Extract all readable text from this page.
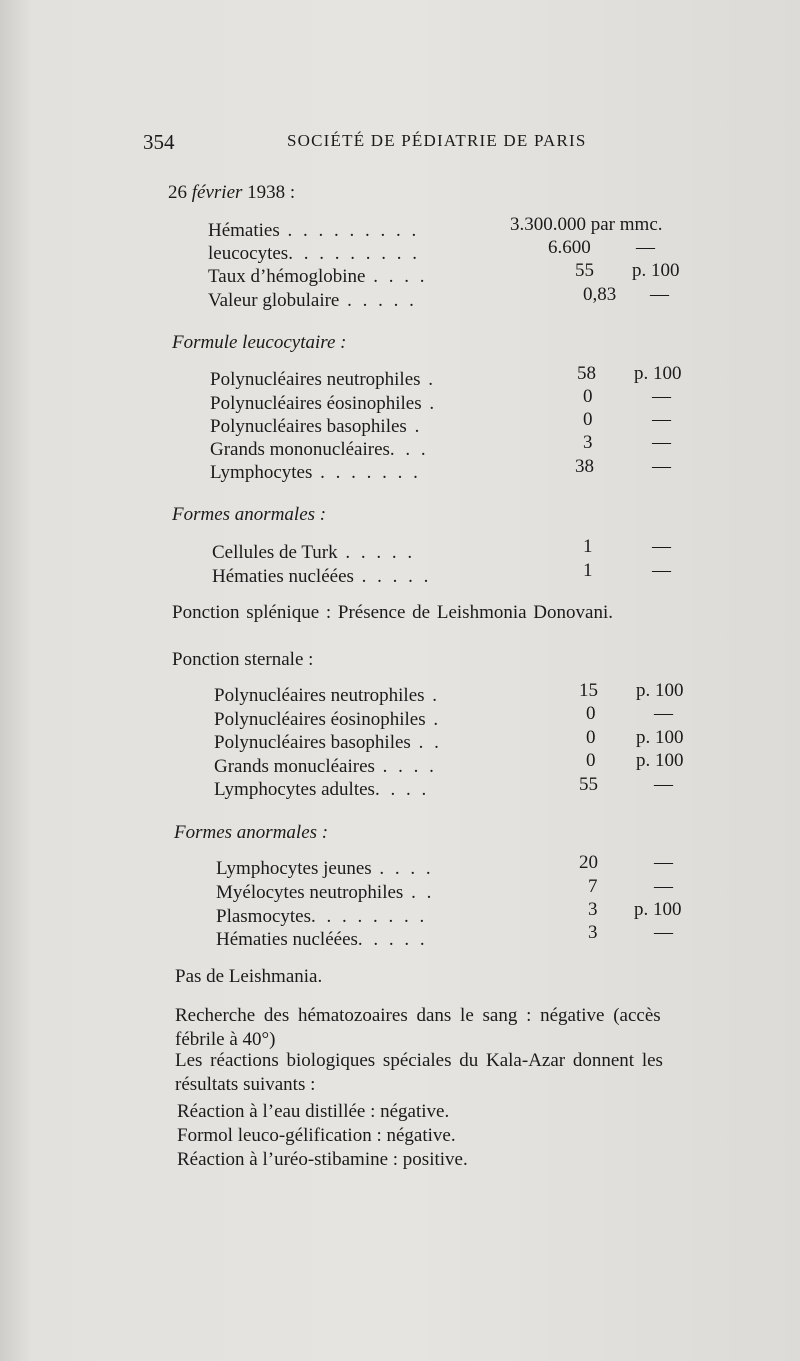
354	SOCIÉTÉ DE PÉDIATRIE DE PARIS
26 février 1938 :
Hématies . . . . . . . . .	3.300.000 par mmc.
leucocytes. . . . . . . . .	6.600 —
Taux d’hémoglobine . . . .	55 p. 100
Valeur globulaire . . . . .	0,83 —
Formule leucocytaire :
Polynucléaires neutrophiles .	58 p. 100
Polynucléaires éosinophiles .	0	—
Polynucléaires basophiles .	0	—
Grands mononucléaires. . .	3	—
Lymphocytes . . . . . . .	38	—
Formes anormales :
Cellules de Turk . . . . .	1	—
Hématies nucléées . . . . .	1	—
Ponction splénique : Présence de Leishmonia Donovani.
Ponction sternale :
Polynucléaires neutrophiles .	15 p. 100
Polynucléaires éosinophiles .	0	—
Polynucléaires basophiles . .	0 p. 100
Grands monucléaires . . . .	0 p. 100
Lymphocytes adultes. . . .	55	—
Formes anormales :
Lymphocytes jeunes . . . .	20	—
Myélocytes neutrophiles . .	7	—
Plasmocytes. . . . . . . .	3 p. 100
Hématies nucléées. . . . .	3	—
Pas de Leishmania.
Recherche des hématozoaires dans le sang : négative (accès
fébrile à 40°)
Les réactions biologiques spéciales du Kala-Azar donnent les
résultats suivants :
Réaction à l’eau distillée : négative.
Formol leuco-gélification : négative.
Réaction à l’uréo-stibamine : positive.
